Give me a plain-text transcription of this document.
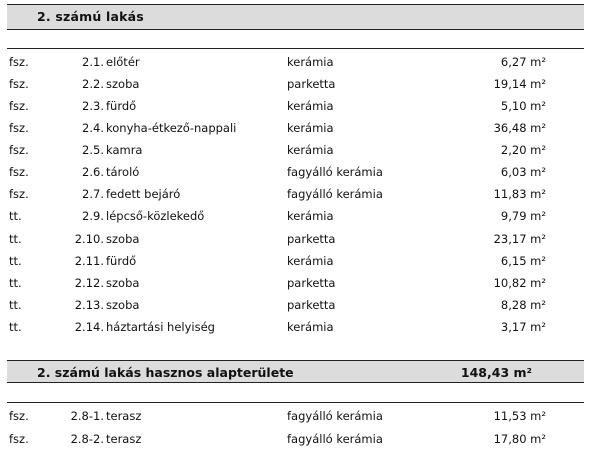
2. számú lakás
fsz.	2.1. előtér	kerámia	6,27 m²
fsz.	2.2. szoba	parketta	19,14 m²
fsz.	2.3. fürdő	kerámia	5,10 m²
fsz.	2.4. konyha-étkező-nappali	kerámia	36,48 m²
fsz.	2.5. kamra	kerámia	2,20 m²
fsz.	2.6. tároló	fagyálló kerámia	6,03 m²
fsz.	2.7. fedett bejáró	fagyálló kerámia	11,83 m²
tt.	2.9. lépcső-közlekedő	kerámia	9,79 m²
tt.	2.10. szoba	parketta	23,17 m²
tt.	2.11. fürdő	kerámia	6,15 m²
tt.	2.12. szoba	parketta	10,82 m²
tt.	2.13. szoba	parketta	8,28 m²
tt.	2.14. háztartási helyiség	kerámia	3,17 m²
2. számú lakás hasznos alapterülete	148,43 m²
fsz.	2.8-1. terasz	fagyálló kerámia	11,53 m²
fsz.	2.8-2. terasz	fagyálló kerámia	17,80 m²
